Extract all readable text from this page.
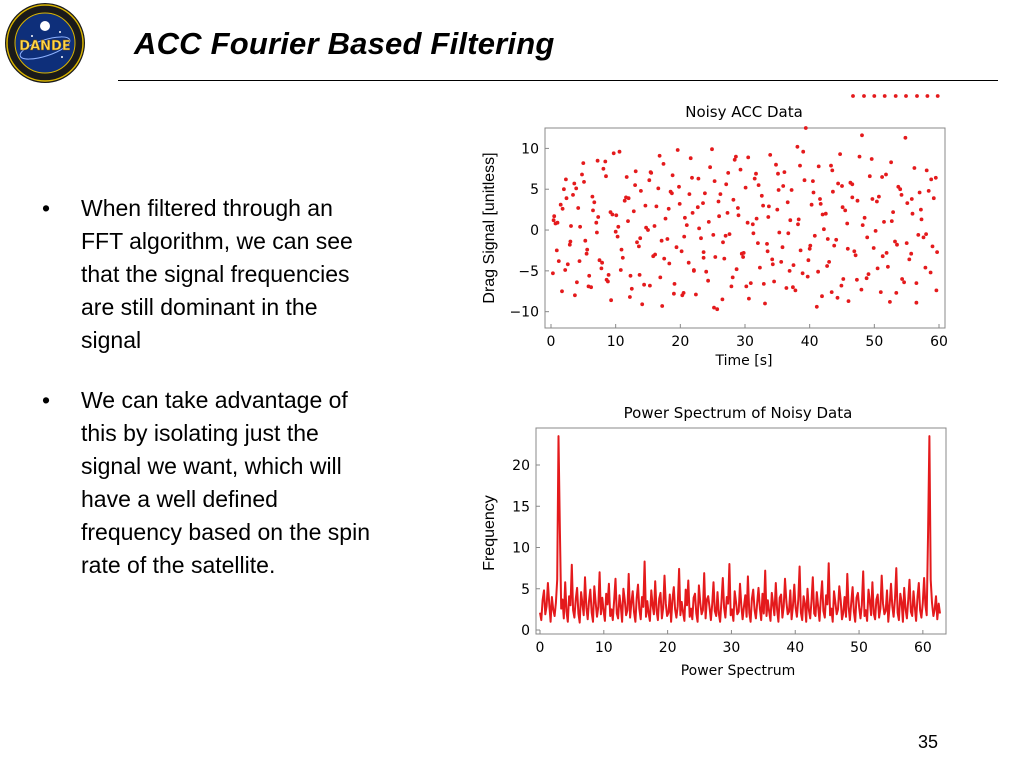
DANDE ACC Fourier Based Filtering
• When filtered through an FFT algorithm, we can see that the signal frequencies are still dominant in the signal
• We can take advantage of this by isolating just the signal we want, which will have a well defined frequency based on the spin rate of the satellite.
Noisy ACC Data
0	10	20	30	40	50	60
−10
−5
0
5
10
Time [s]
Drag Signal [unitless]
Power Spectrum of Noisy Data
0	10	20	30	40	50	60
0
5
10
15
20
Power Spectrum
Frequency
35
